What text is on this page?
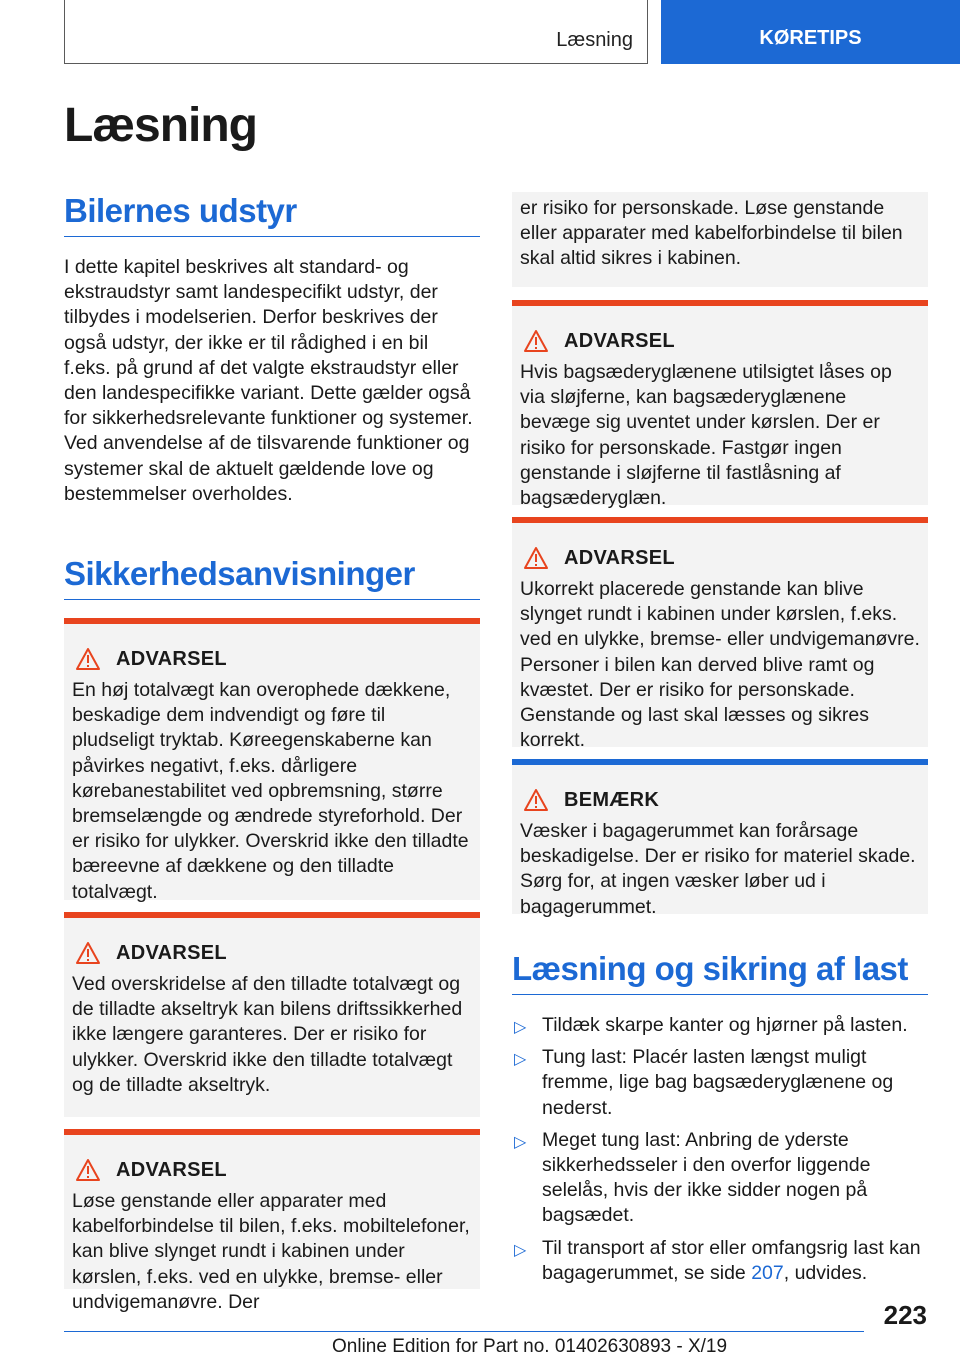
Læsning	KØRETIPS
Læsning
Bilernes udstyr

I dette kapitel beskrives alt standard- og ekstraudstyr samt landespecifikt udstyr, der tilbydes i modelserien. Derfor beskrives der også udstyr, der ikke er til rådighed i en bil f.eks. på grund af det valgte ekstraudstyr eller den landespecifikke variant. Dette gælder også for sikkerhedsrelevante funktioner og systemer. Ved anvendelse af de tilsvarende funktioner og systemer skal de aktuelt gældende love og bestemmelser overholdes.

Sikkerhedsanvisninger
ADVARSEL

En høj totalvægt kan overophede dækkene, beskadige dem indvendigt og føre til pludseligt tryktab. Køreegenskaberne kan påvirkes negativt, f.eks. dårligere kørebanestabilitet ved opbremsning, større bremselængde og ændrede styreforhold. Der er risiko for ulykker. Overskrid ikke den tilladte bæreevne af dækkene og den tilladte totalvægt.

ADVARSEL

Ved overskridelse af den tilladte totalvægt og de tilladte akseltryk kan bilens driftssikkerhed ikke længere garanteres. Der er risiko for ulykker. Overskrid ikke den tilladte totalvægt og de tilladte akseltryk.

ADVARSEL

Løse genstande eller apparater med kabelforbindelse til bilen, f.eks. mobiltelefoner, kan blive slynget rundt i kabinen under kørslen, f.eks. ved en ulykke, bremse- eller undvigemanøvre. Der

er risiko for personskade. Løse genstande eller apparater med kabelforbindelse til bilen skal altid sikres i kabinen.

ADVARSEL

Hvis bagsæderyglænene utilsigtet låses op via sløjferne, kan bagsæderyglænene bevæge sig uventet under kørslen. Der er risiko for personskade. Fastgør ingen genstande i sløjferne til fastlåsning af bagsæderyglæn.

ADVARSEL

Ukorrekt placerede genstande kan blive slynget rundt i kabinen under kørslen, f.eks. ved en ulykke, bremse- eller undvigemanøvre. Personer i bilen kan derved blive ramt og kvæstet. Der er risiko for personskade. Genstande og last skal læsses og sikres korrekt.

BEMÆRK

Væsker i bagagerummet kan forårsage beskadigelse. Der er risiko for materiel skade. Sørg for, at ingen væsker løber ud i bagagerummet.

Læsning og sikring af last
▷ Tildæk skarpe kanter og hjørner på lasten.
▷ Tung last: Placér lasten længst muligt fremme, lige bag bagsæderyglænene og nederst.
▷ Meget tung last: Anbring de yderste sikkerhedsseler i den overfor liggende selelås, hvis der ikke sidder nogen på bagsædet.
▷ Til transport af stor eller omfangsrig last kan bagagerummet, se side 207, udvides.
223
Online Edition for Part no. 01402630893 - X/19
